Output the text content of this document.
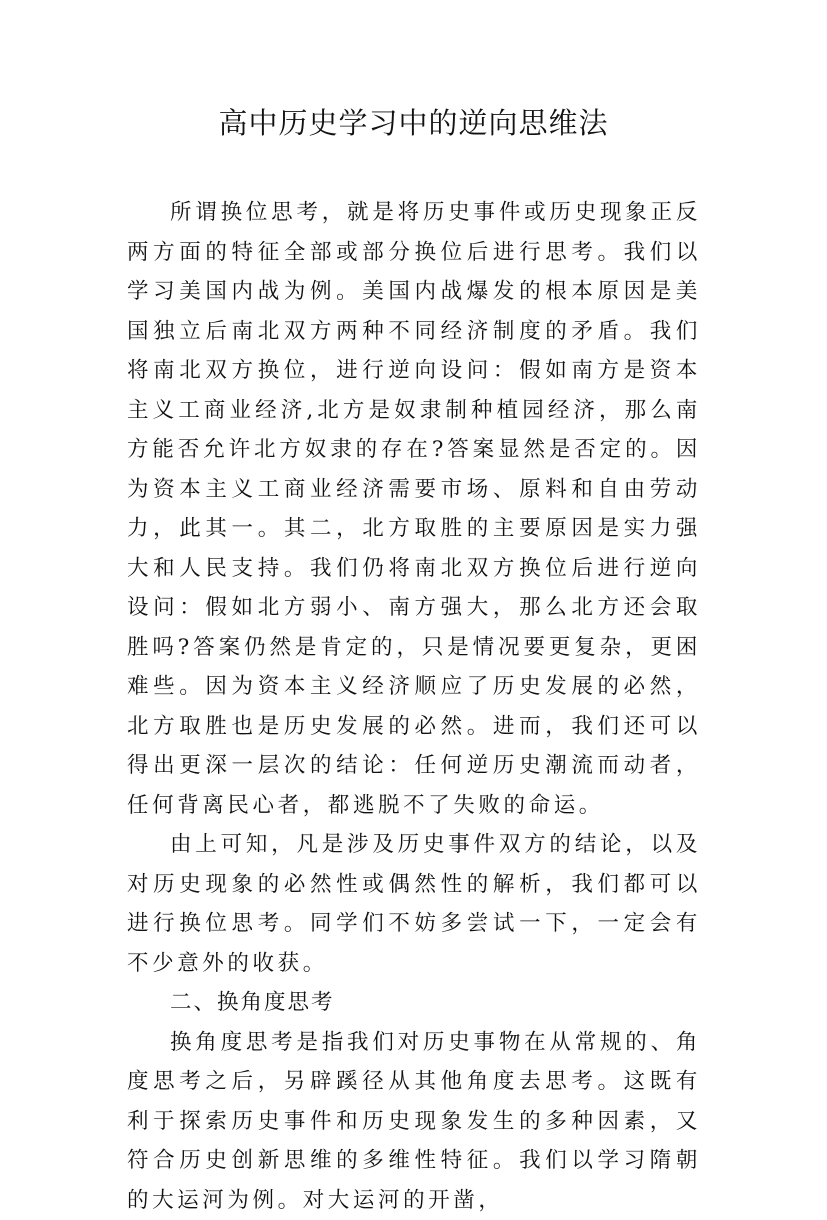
高中历史学习中的逆向思维法

所谓换位思考，就是将历史事件或历史现象正反两方面的特征全部或部分换位后进行思考。我们以学习美国内战为例。美国内战爆发的根本原因是美国独立后南北双方两种不同经济制度的矛盾。我们将南北双方换位，进行逆向设问：假如南方是资本主义工商业经济,北方是奴隶制种植园经济，那么南方能否允许北方奴隶的存在?答案显然是否定的。因为资本主义工商业经济需要市场、原料和自由劳动力，此其一。其二，北方取胜的主要原因是实力强大和人民支持。我们仍将南北双方换位后进行逆向设问：假如北方弱小、南方强大，那么北方还会取胜吗?答案仍然是肯定的，只是情况要更复杂，更困难些。因为资本主义经济顺应了历史发展的必然，北方取胜也是历史发展的必然。进而，我们还可以得出更深一层次的结论：任何逆历史潮流而动者，任何背离民心者，都逃脱不了失败的命运。

由上可知，凡是涉及历史事件双方的结论，以及对历史现象的必然性或偶然性的解析，我们都可以进行换位思考。同学们不妨多尝试一下，一定会有不少意外的收获。

二、换角度思考

换角度思考是指我们对历史事物在从常规的、角度思考之后，另辟蹊径从其他角度去思考。这既有利于探索历史事件和历史现象发生的多种因素，又符合历史创新思维的多维性特征。我们以学习隋朝的大运河为例。对大运河的开凿，
